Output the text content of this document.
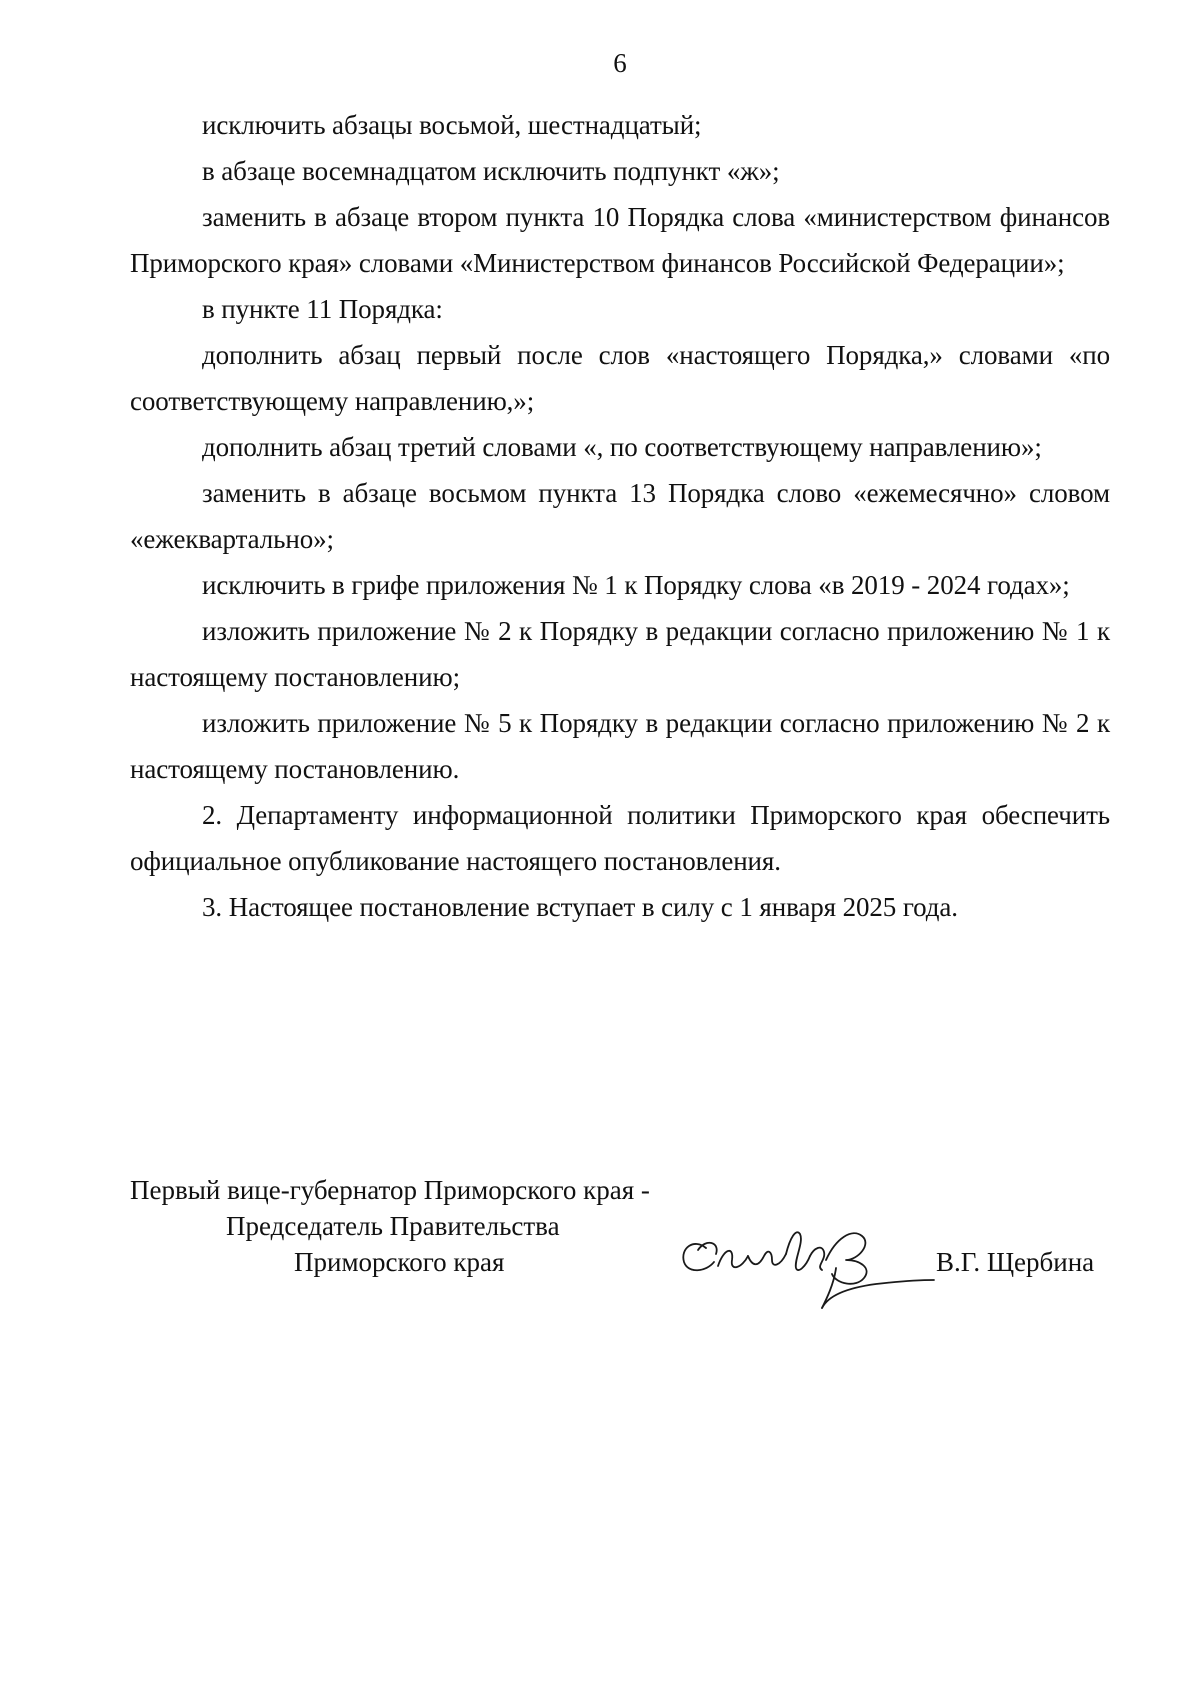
6

исключить абзацы восьмой, шестнадцатый;

в абзаце восемнадцатом исключить подпункт «ж»;

заменить в абзаце втором пункта 10 Порядка слова «министерством финансов Приморского края» словами «Министерством финансов Российской Федерации»;

в пункте 11 Порядка:

дополнить абзац первый после слов «настоящего Порядка,» словами «по соответствующему направлению,»;

дополнить абзац третий словами «, по соответствующему направлению»;

заменить в абзаце восьмом пункта 13 Порядка слово «ежемесячно» словом «ежеквартально»;

исключить в грифе приложения № 1 к Порядку слова «в 2019 - 2024 годах»;

изложить приложение № 2 к Порядку в редакции согласно приложению № 1 к настоящему постановлению;

изложить приложение № 5 к Порядку в редакции согласно приложению № 2 к настоящему постановлению.

2. Департаменту информационной политики Приморского края обеспечить официальное опубликование настоящего постановления.

3. Настоящее постановление вступает в силу с 1 января 2025 года.

Первый вице-губернатор Приморского края -
Председатель Правительства
Приморского края	В.Г. Щербина
